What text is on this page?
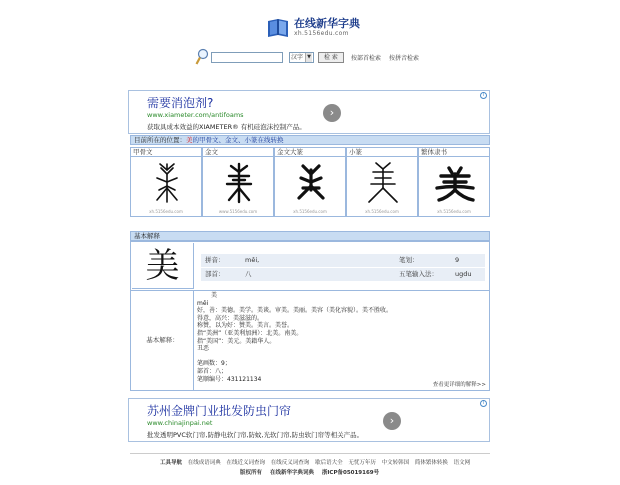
在线新华字典
xh.5156edu.com
汉字 ▼	检 索	按部首检索 按拼音检索
需要消泡剂?
www.xiameter.com/antifoams
获取具成本效益的XIAMETER® 有机硅泡沫控制产品。
›
i
目前所在的位置：美的甲骨文、金文、小篆在线转换
甲骨文
xh.5156edu.com
金文
www.5156edu.com
金文大篆
xh.5156edu.com
小篆
xh.5156edu.com
繁体隶书
xh.5156edu.com
基本解释
美	拼音：	měi,	笔划：	9
部首：	八	五笔输入法：	ugdu
基本解释：
美
měi
好，善：美德。美学。美谈。审美。美丽。美容（美化容貌）。美不胜收。
得意，高兴：美滋滋的。
称赞，以为好：赞美。美言。美誉。
指“美洲”（亚美利加洲）：北美。南美。
指“美国”：美元。美籍华人。
丑恶
笔画数：9；
部首：八；
笔顺编号：431121134
查看更详细的解释>>
苏州金牌门业批发防虫门帘
www.chinajinpai.net
批发透明PVC软门帘,防静电软门帘,防蚊,光软门帘,防虫软门帘等相关产品。
›
i
工具导航 在线成语词典 在线近义词查询 在线反义词查询 歇后语大全 无忧万年历 中文转韩国 简体繁体转换 语文网
版权所有 在线新华字典词典 浙ICP备05019169号
